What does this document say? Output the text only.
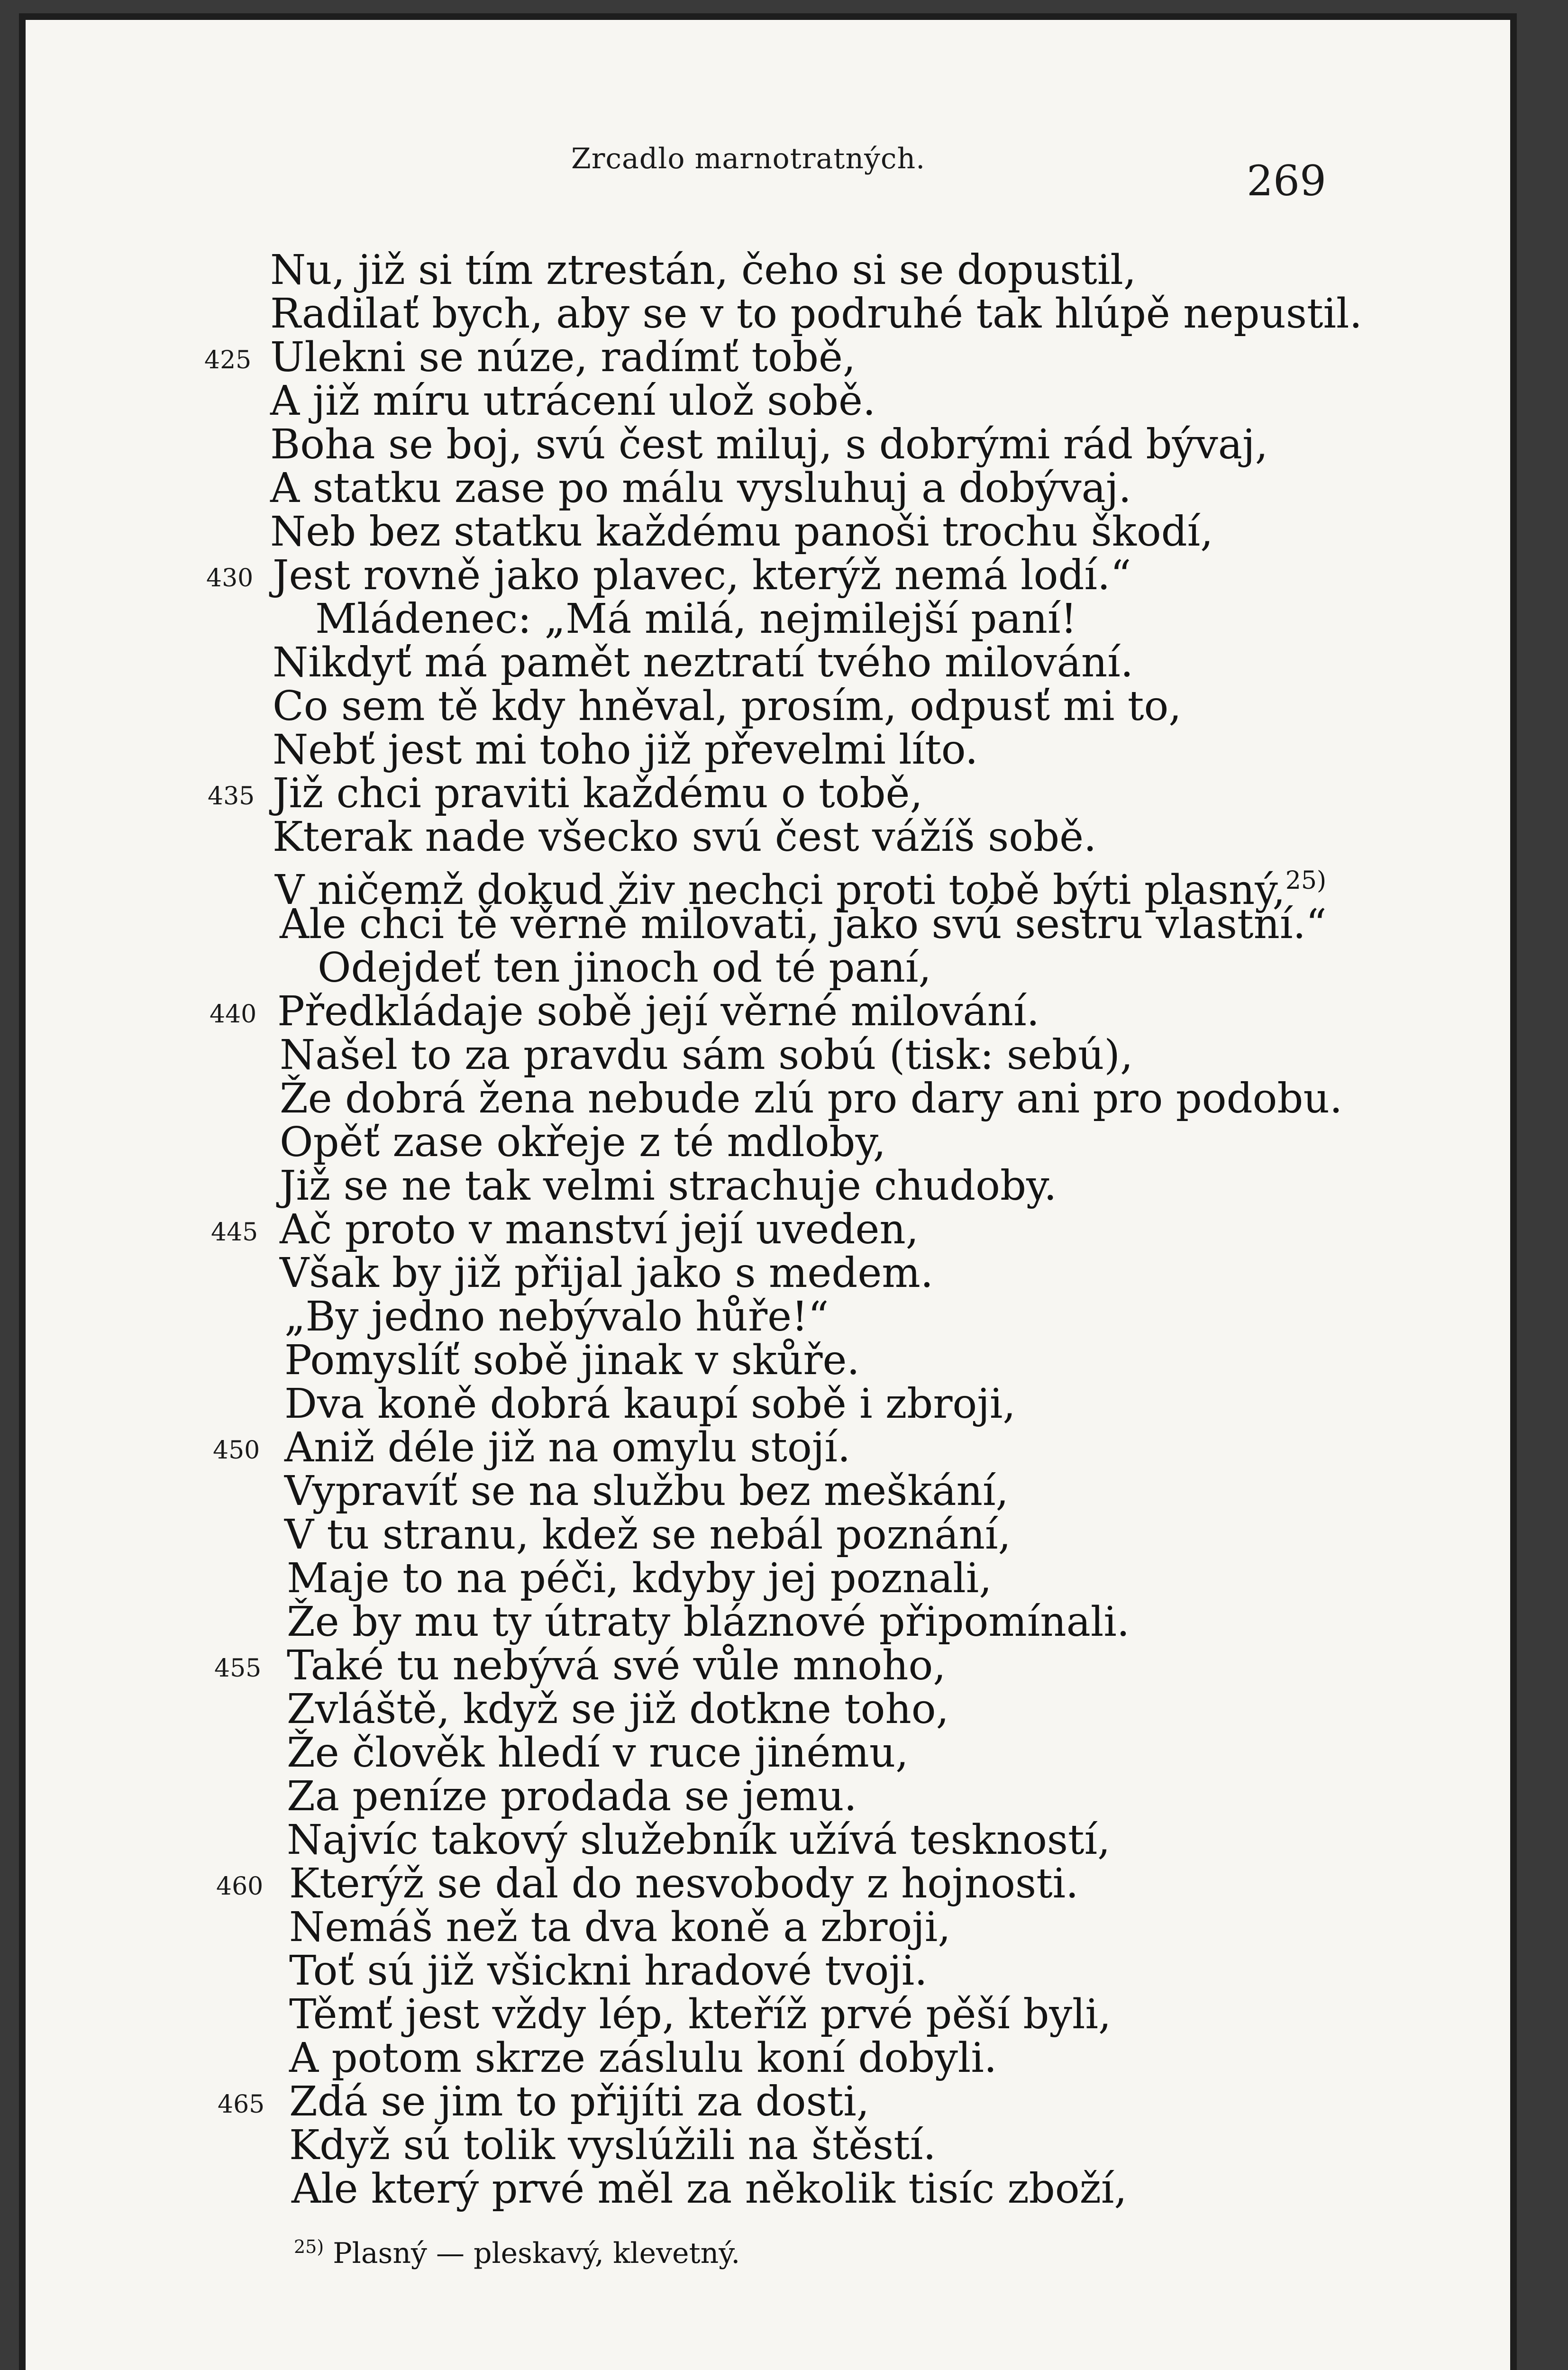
Zrcadlo marnotratných.	269
Nu, již si tím ztrestán, čeho si se dopustil,
Radilať bych, aby se v to podruhé tak hlúpě nepustil.
Ulekni se núze, radímť tobě,
425
A již míru utrácení ulož sobě.
Boha se boj, svú čest miluj, s dobrými rád bývaj,
A statku zase po málu vysluhuj a dobývaj.
Neb bez statku každému panoši trochu škodí,
Jest rovně jako plavec, kterýž nemá lodí.“
430
Mládenec: „Má milá, nejmilejší paní!
Nikdyť má pamět neztratí tvého milování.
Co sem tě kdy hněval, prosím, odpusť mi to,
Nebť jest mi toho již převelmi líto.
Již chci praviti každému o tobě,
435
Kterak nade všecko svú čest vážíš sobě.
V ničemž dokud živ nechci proti tobě býti plasný,$^{25)}$
Ale chci tě věrně milovati, jako svú sestru vlastní.“
Odejdeť ten jinoch od té paní,
Předkládaje sobě její věrné milování.
440
Našel to za pravdu sám sobú (tisk: sebú),
Že dobrá žena nebude zlú pro dary ani pro podobu.
Opěť zase okřeje z té mdloby,
Již se ne tak velmi strachuje chudoby.
Ač proto v manství její uveden,
445
Však by již přijal jako s medem.
„By jedno nebývalo hůře!“
Pomyslíť sobě jinak v skůře.
Dva koně dobrá kaupí sobě i zbroji,
Aniž déle již na omylu stojí.
450
Vypravíť se na službu bez meškání,
V tu stranu, kdež se nebál poznání,
Maje to na péči, kdyby jej poznali,
Že by mu ty útraty bláznové připomínali.
Také tu nebývá své vůle mnoho,
455
Zvláště, když se již dotkne toho,
Že člověk hledí v ruce jinému,
Za peníze prodada se jemu.
Najvíc takový služebník užívá teskností,
Kterýž se dal do nesvobody z hojnosti.
460
Nemáš než ta dva koně a zbroji,
Toť sú již všickni hradové tvoji.
Těmť jest vždy lép, kteříž prvé pěší byli,
A potom skrze záslulu koní dobyli.
Zdá se jim to přijíti za dosti,
465
Když sú tolik vyslúžili na štěstí.
Ale který prvé měl za několik tisíc zboží,
$^{25)}$ Plasný — pleskavý, klevetný.
